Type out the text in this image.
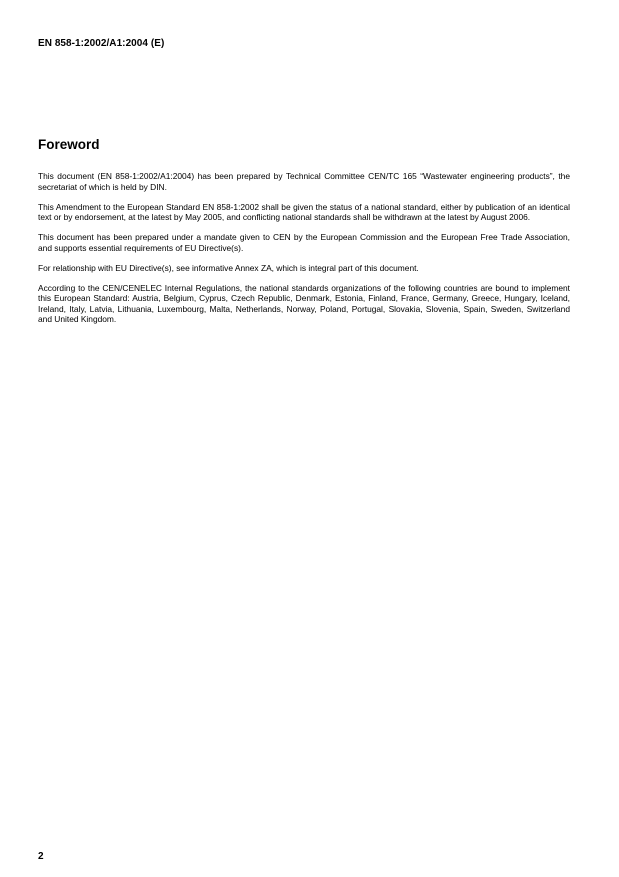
EN 858-1:2002/A1:2004 (E)
Foreword

This document (EN 858-1:2002/A1:2004) has been prepared by Technical Committee CEN/TC 165 “Wastewater engineering products”, the secretariat of which is held by DIN.

This Amendment to the European Standard EN 858-1:2002 shall be given the status of a national standard, either by publication of an identical text or by endorsement, at the latest by May 2005, and conflicting national standards shall be withdrawn at the latest by August 2006.

This document has been prepared under a mandate given to CEN by the European Commission and the European Free Trade Association, and supports essential requirements of EU Directive(s).

For relationship with EU Directive(s), see informative Annex ZA, which is integral part of this document.

According to the CEN/CENELEC Internal Regulations, the national standards organizations of the following countries are bound to implement this European Standard: Austria, Belgium, Cyprus, Czech Republic, Denmark, Estonia, Finland, France, Germany, Greece, Hungary, Iceland, Ireland, Italy, Latvia, Lithuania, Luxembourg, Malta, Netherlands, Norway, Poland, Portugal, Slovakia, Slovenia, Spain, Sweden, Switzerland and United Kingdom.

2
